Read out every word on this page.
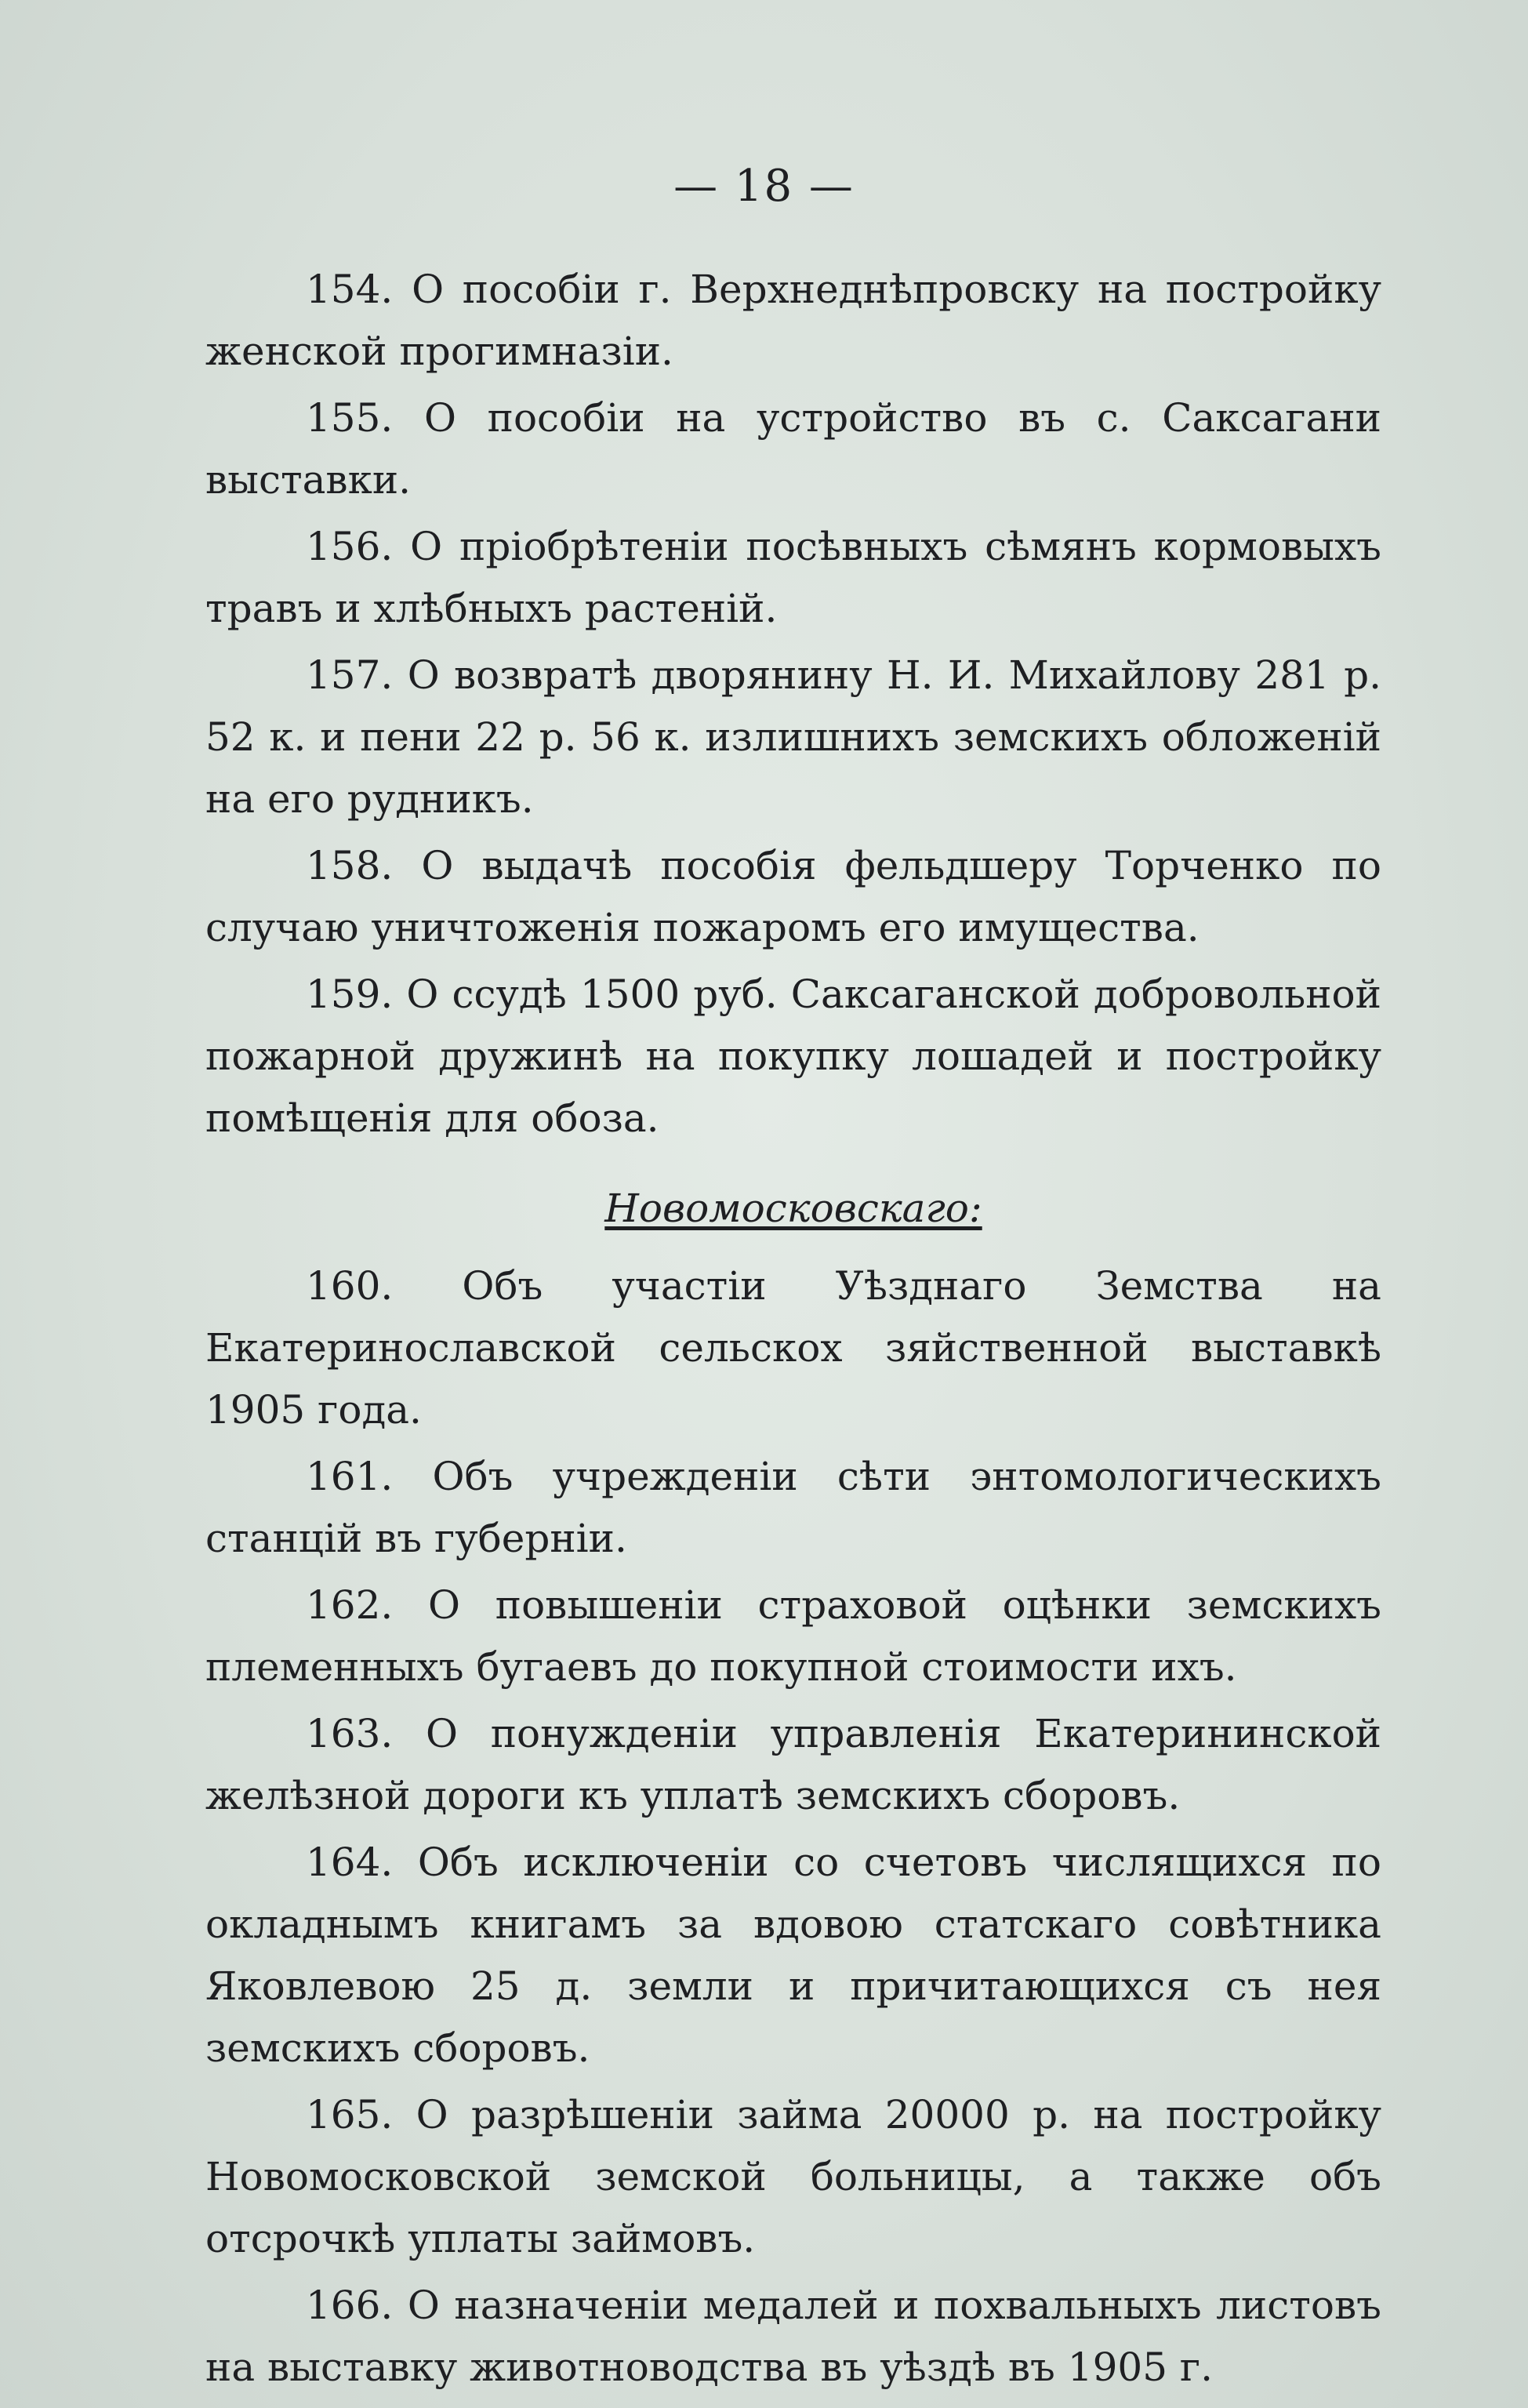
— 18 —
154. О пособіи г. Верхнеднѣпровску на постройку женской прогимназіи.
155. О пособіи на устройство въ с. Саксагани выставки.
156. О пріобрѣтеніи посѣвныхъ сѣмянъ кормовыхъ травъ и хлѣбныхъ растеній.
157. О возвратѣ дворянину Н. И. Михайлову 281 р. 52 к. и пени 22 р. 56 к. излишнихъ земскихъ обложеній на его рудникъ.
158. О выдачѣ пособія фельдшеру Торченко по случаю уничтоженія пожаромъ его имущества.
159. О ссудѣ 1500 руб. Саксаганской добровольной пожарной дружинѣ на покупку лошадей и постройку помѣщенія для обоза.
Новомосковскаго:
160. Объ участіи Уѣзднаго Земства на Екатеринославской сельскох зяйственной выставкѣ 1905 года.
161. Объ учрежденіи сѣти энтомологическихъ станцій въ губерніи.
162. О повышеніи страховой оцѣнки земскихъ племенныхъ бугаевъ до покупной стоимости ихъ.
163. О понужденіи управленія Екатерининской желѣзной дороги къ уплатѣ земскихъ сборовъ.
164. Объ исключеніи со счетовъ числящихся по окладнымъ книгамъ за вдовою статскаго совѣтника Яковлевою 25 д. земли и причитающихся съ нея земскихъ сборовъ.
165. О разрѣшеніи займа 20000 р. на постройку Новомосковской земской больницы, а также объ отсрочкѣ уплаты займовъ.
166. О назначеніи медалей и похвальныхъ листовъ на выставку животноводства въ уѣздѣ въ 1905 г.
